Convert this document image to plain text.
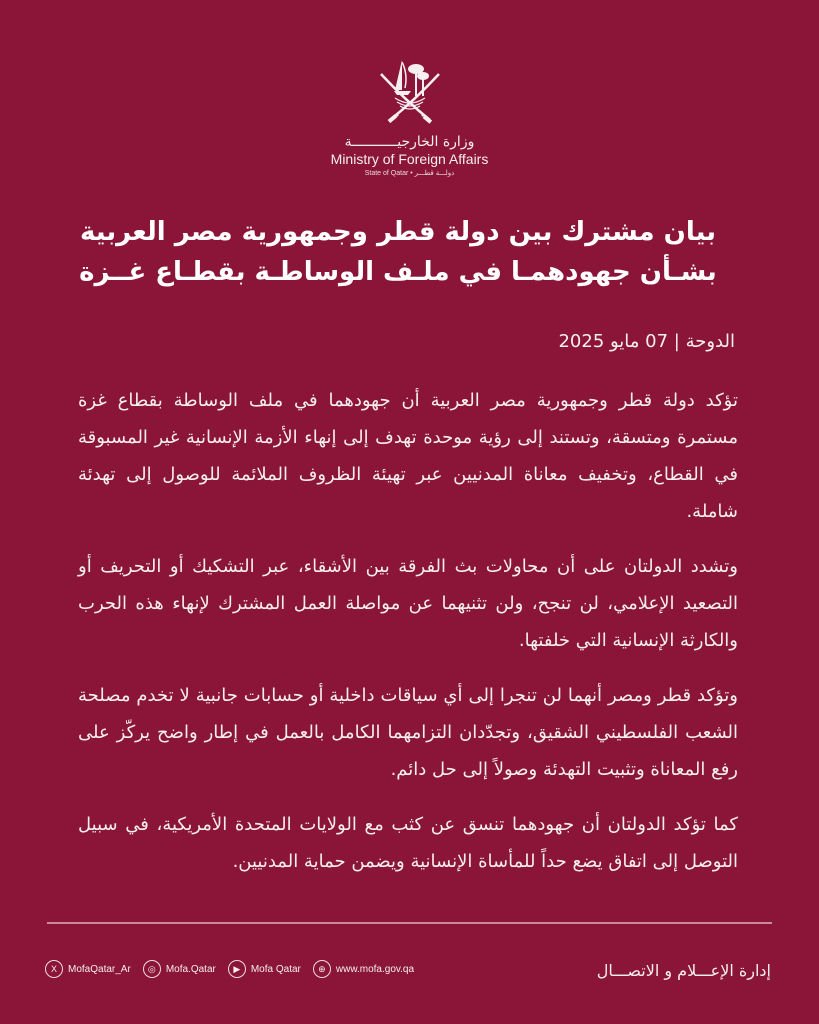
وزارة الخارجيـــــــــــة
Ministry of Foreign Affairs
State of Qatar • دولـــة قطـــر
بيان مشترك بين دولة قطر وجمهورية مصر العربية
بشـأن جهودهمـا في ملـف الوساطـة بقطـاع غــزة
الدوحة | 07 مايو 2025

تؤكد دولة قطر وجمهورية مصر العربية أن جهودهما في ملف الوساطة بقطاع غزة مستمرة ومتسقة، وتستند إلى رؤية موحدة تهدف إلى إنهاء الأزمة الإنسانية غير المسبوقة في القطاع، وتخفيف معاناة المدنيين عبر تهيئة الظروف الملائمة للوصول إلى تهدئة شاملة.

وتشدد الدولتان على أن محاولات بث الفرقة بين الأشقاء، عبر التشكيك أو التحريف أو التصعيد الإعلامي، لن تنجح، ولن تثنيهما عن مواصلة العمل المشترك لإنهاء هذه الحرب والكارثة الإنسانية التي خلفتها.

وتؤكد قطر ومصر أنهما لن تنجرا إلى أي سياقات داخلية أو حسابات جانبية لا تخدم مصلحة الشعب الفلسطيني الشقيق، وتجدّدان التزامهما الكامل بالعمل في إطار واضح يركّز على رفع المعاناة وتثبيت التهدئة وصولاً إلى حل دائم.

كما تؤكد الدولتان أن جهودهما تنسق عن كثب مع الولايات المتحدة الأمريكية، في سبيل التوصل إلى اتفاق يضع حداً للمأساة الإنسانية ويضمن حماية المدنيين.

X	MofaQatar_Ar	◎	Mofa.Qatar	▶	Mofa Qatar	⊕	www.mofa.gov.qa	إدارة الإعـــلام و الاتصـــال
